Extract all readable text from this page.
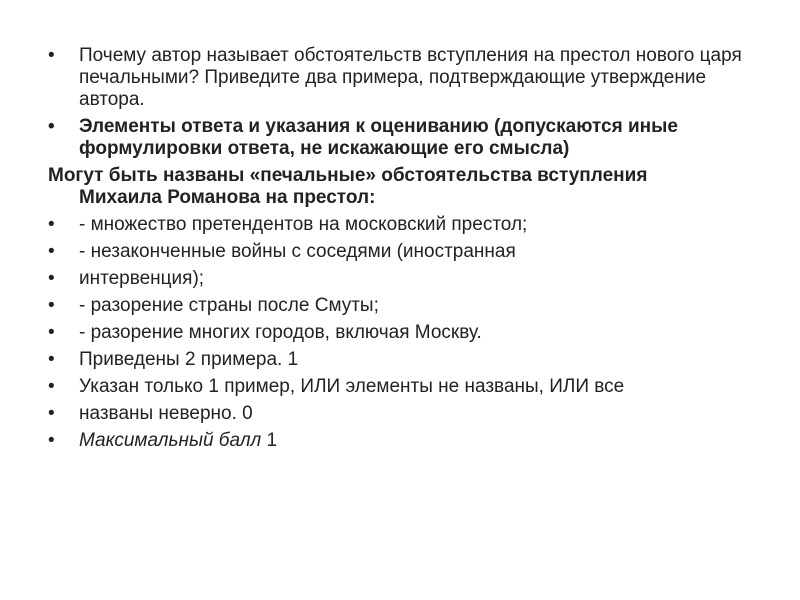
• Почему автор называет обстоятельств вступления на престол нового царя печальными? Приведите два примера, подтверждающие утверждение автора.
• Элементы ответа и указания к оцениванию (допускаются иные формулировки ответа, не искажающие его смысла)
Могут быть названы «печальные» обстоятельства вступления
Михаила Романова на престол:
• - множество претендентов на московский престол;
• - незаконченные войны с соседями (иностранная
• интервенция);
• - разорение страны после Смуты;
• - разорение многих городов, включая Москву.
• Приведены 2 примера. 1
• Указан только 1 пример, ИЛИ элементы не названы, ИЛИ все
• названы неверно. 0
• Максимальный балл 1
